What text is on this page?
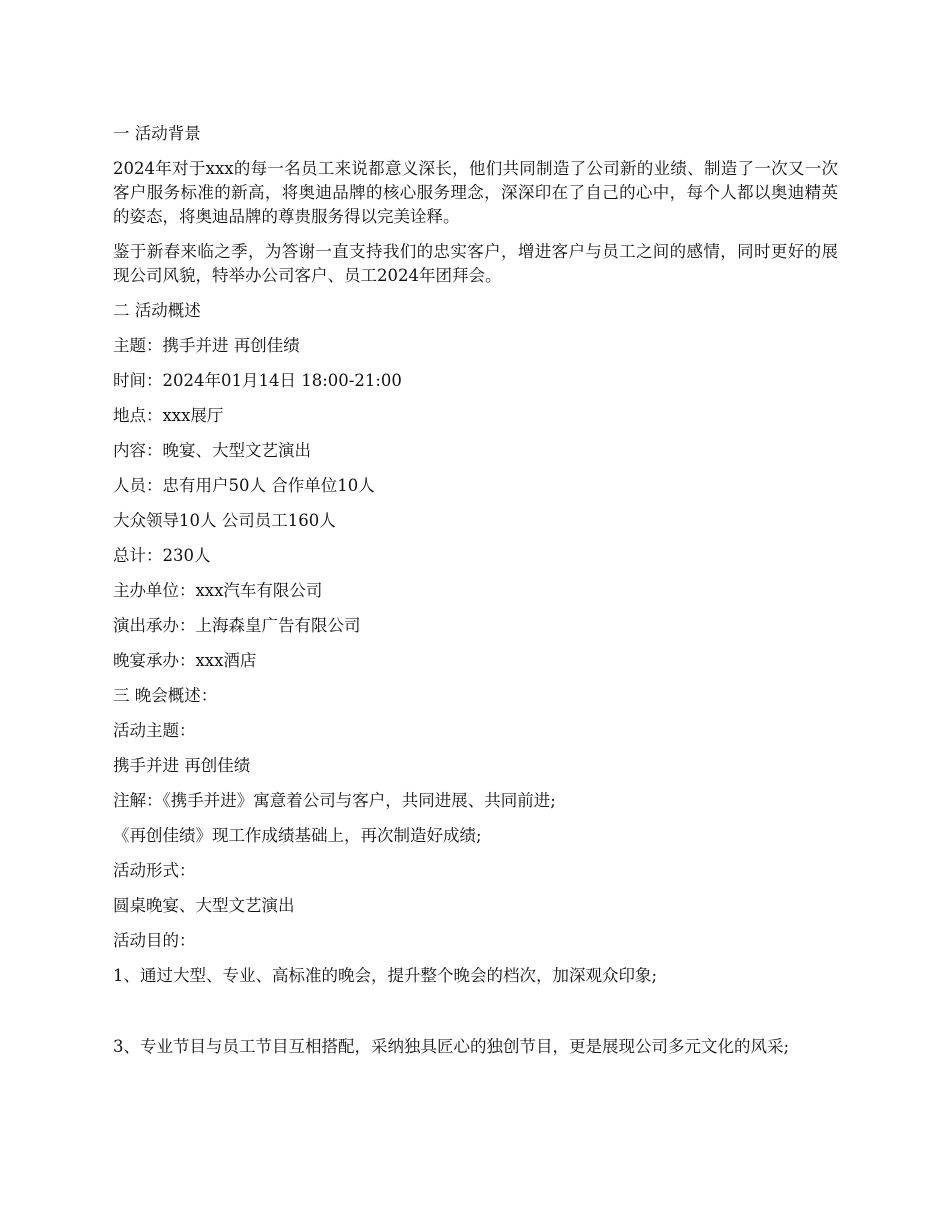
一 活动背景

2024年对于xxx的每一名员工来说都意义深长，他们共同制造了公司新的业绩、制造了一次又一次客户服务标准的新高，将奥迪品牌的核心服务理念，深深印在了自己的心中，每个人都以奥迪精英的姿态，将奥迪品牌的尊贵服务得以完美诠释。

鉴于新春来临之季，为答谢一直支持我们的忠实客户，增进客户与员工之间的感情，同时更好的展现公司风貌，特举办公司客户、员工2024年团拜会。

二 活动概述

主题：携手并进 再创佳绩

时间：2024年01月14日 18:00-21:00

地点：xxx展厅

内容：晚宴、大型文艺演出

人员：忠有用户50人 合作单位10人

大众领导10人 公司员工160人

总计：230人

主办单位：xxx汽车有限公司

演出承办：上海森皇广告有限公司

晚宴承办：xxx酒店

三 晚会概述：

活动主题：

携手并进 再创佳绩

注解：《携手并进》寓意着公司与客户，共同进展、共同前进;

《再创佳绩》现工作成绩基础上，再次制造好成绩;

活动形式：

圆桌晚宴、大型文艺演出

活动目的：

1、通过大型、专业、高标准的晚会，提升整个晚会的档次，加深观众印象;

3、专业节目与员工节目互相搭配，采纳独具匠心的独创节目，更是展现公司多元文化的风采;
